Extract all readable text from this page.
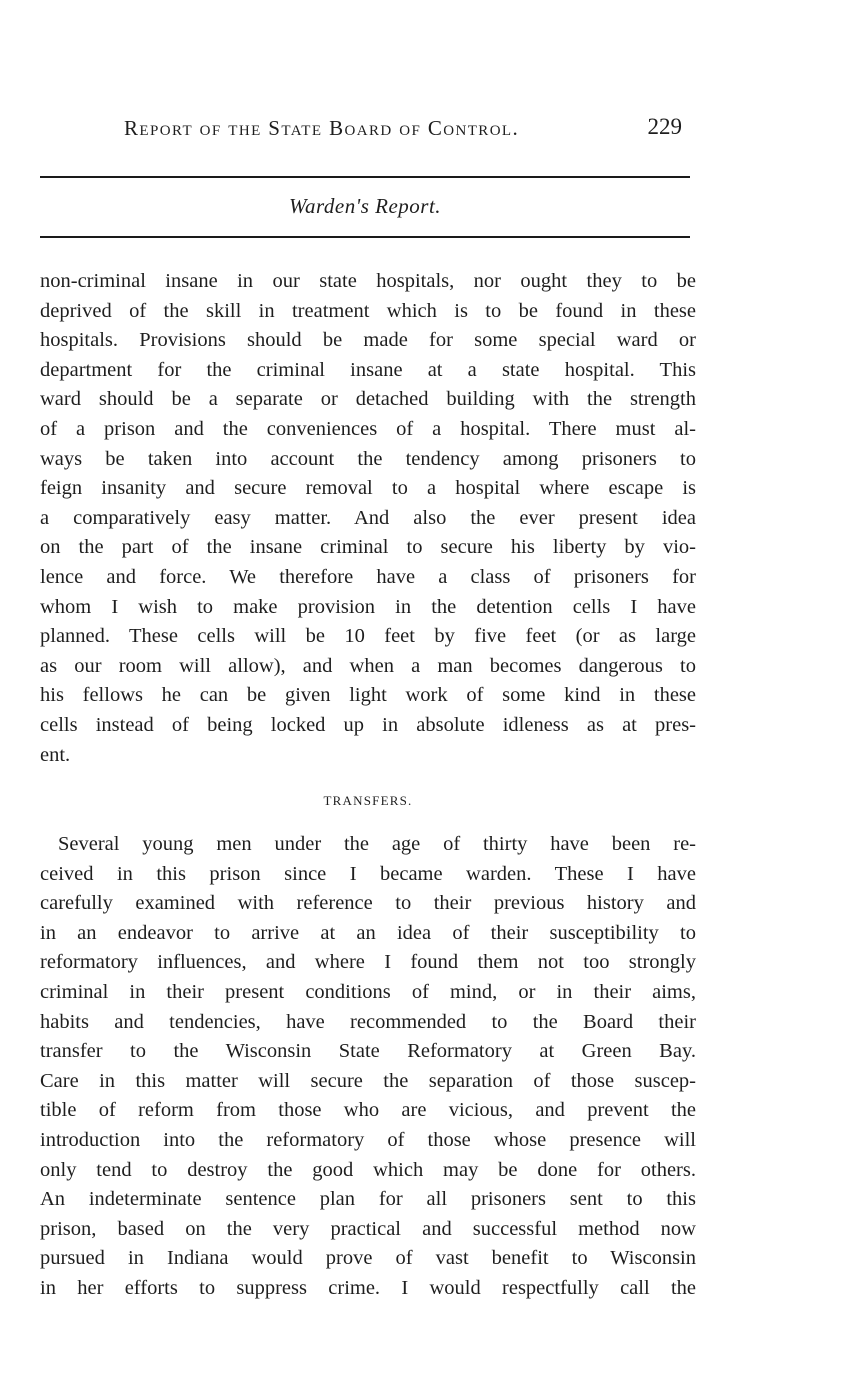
Report of the State Board of Control.	229
Warden's Report.
non-criminal insane in our state hospitals, nor ought they to be
deprived of the skill in treatment which is to be found in these
hospitals. Provisions should be made for some special ward or
department for the criminal insane at a state hospital. This
ward should be a separate or detached building with the strength
of a prison and the conveniences of a hospital. There must al-
ways be taken into account the tendency among prisoners to
feign insanity and secure removal to a hospital where escape is
a comparatively easy matter. And also the ever present idea
on the part of the insane criminal to secure his liberty by vio-
lence and force. We therefore have a class of prisoners for
whom I wish to make provision in the detention cells I have
planned. These cells will be 10 feet by five feet (or as large
as our room will allow), and when a man becomes dangerous to
his fellows he can be given light work of some kind in these
cells instead of being locked up in absolute idleness as at pres-
ent.
TRANSFERS.
Several young men under the age of thirty have been re-
ceived in this prison since I became warden. These I have
carefully examined with reference to their previous history and
in an endeavor to arrive at an idea of their susceptibility to
reformatory influences, and where I found them not too strongly
criminal in their present conditions of mind, or in their aims,
habits and tendencies, have recommended to the Board their
transfer to the Wisconsin State Reformatory at Green Bay.
Care in this matter will secure the separation of those suscep-
tible of reform from those who are vicious, and prevent the
introduction into the reformatory of those whose presence will
only tend to destroy the good which may be done for others.
An indeterminate sentence plan for all prisoners sent to this
prison, based on the very practical and successful method now
pursued in Indiana would prove of vast benefit to Wisconsin
in her efforts to suppress crime. I would respectfully call the
